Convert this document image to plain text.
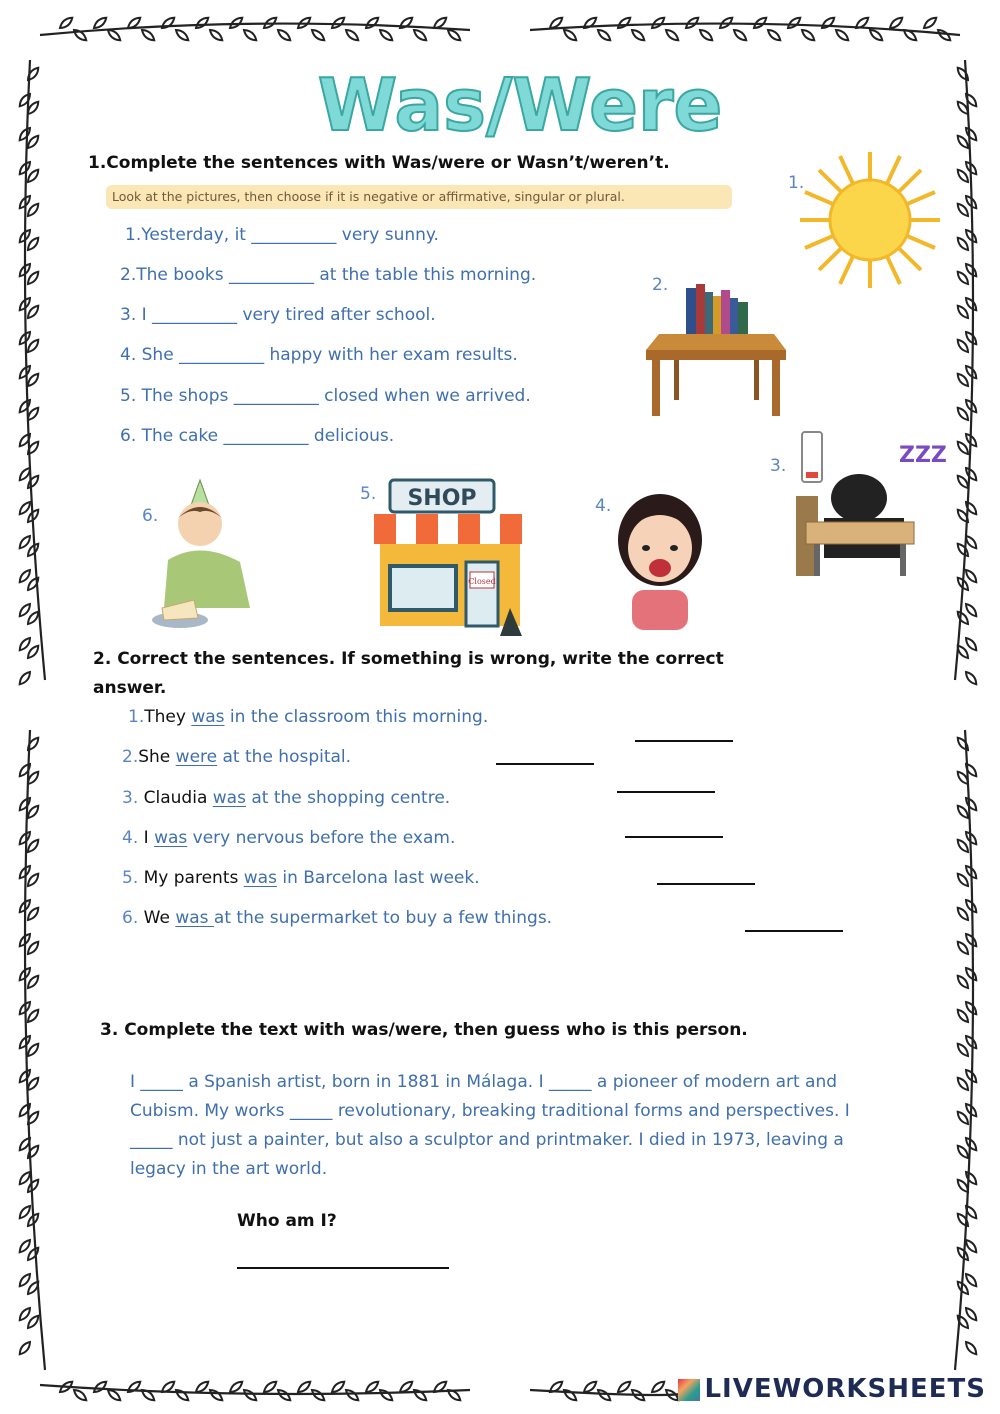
Was/Were
1.Complete the sentences with Was/were or Wasn’t/weren’t.
Look at the pictures, then choose if it is negative or affirmative, singular or plural.
1.Yesterday, it __________ very sunny.
2.The books __________ at the table this morning.
3. I __________ very tired after school.
4. She __________ happy with her exam results.
5. The shops __________ closed when we arrived.
6. The cake __________ delicious.
1.
2.
3.
4.
5.
6.
ZZZ
SHOP
Closed
2. Correct the sentences. If something is wrong, write the correct answer.
1.They was in the classroom this morning.
2.She were at the hospital.
3. Claudia was at the shopping centre.
4. I was very nervous before the exam.
5. My parents was in Barcelona last week.
6. We was at the supermarket to buy a few things.
3. Complete the text with was/were, then guess who is this person.
I _____ a Spanish artist, born in 1881 in Málaga. I _____ a pioneer of modern art and Cubism. My works _____ revolutionary, breaking traditional forms and perspectives. I _____ not just a painter, but also a sculptor and printmaker. I died in 1973, leaving a legacy in the art world.
Who am I?
LIVEWORKSHEETS
